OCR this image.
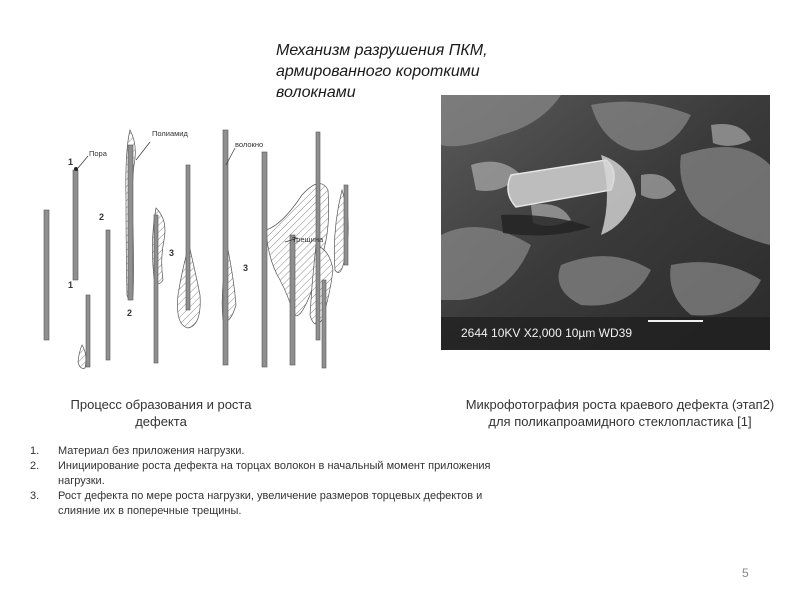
Механизм разрушения ПКМ,
армированного короткими
волокнами
Пора
Полиамид
волокно
Трещина
1
1
2
2
3
3
2644 10KV X2,000 10µm WD39
Процесс образования и роста дефекта
Микрофотография роста краевого дефекта (этап2)
для поликапроамидного стеклопластика [1]
1. Материал без приложения нагрузки.
2. Инициирование роста дефекта на торцах волокон в начальный момент приложения нагрузки.
3. Рост дефекта по мере роста нагрузки, увеличение размеров торцевых дефектов и слияние их в поперечные трещины.
5
